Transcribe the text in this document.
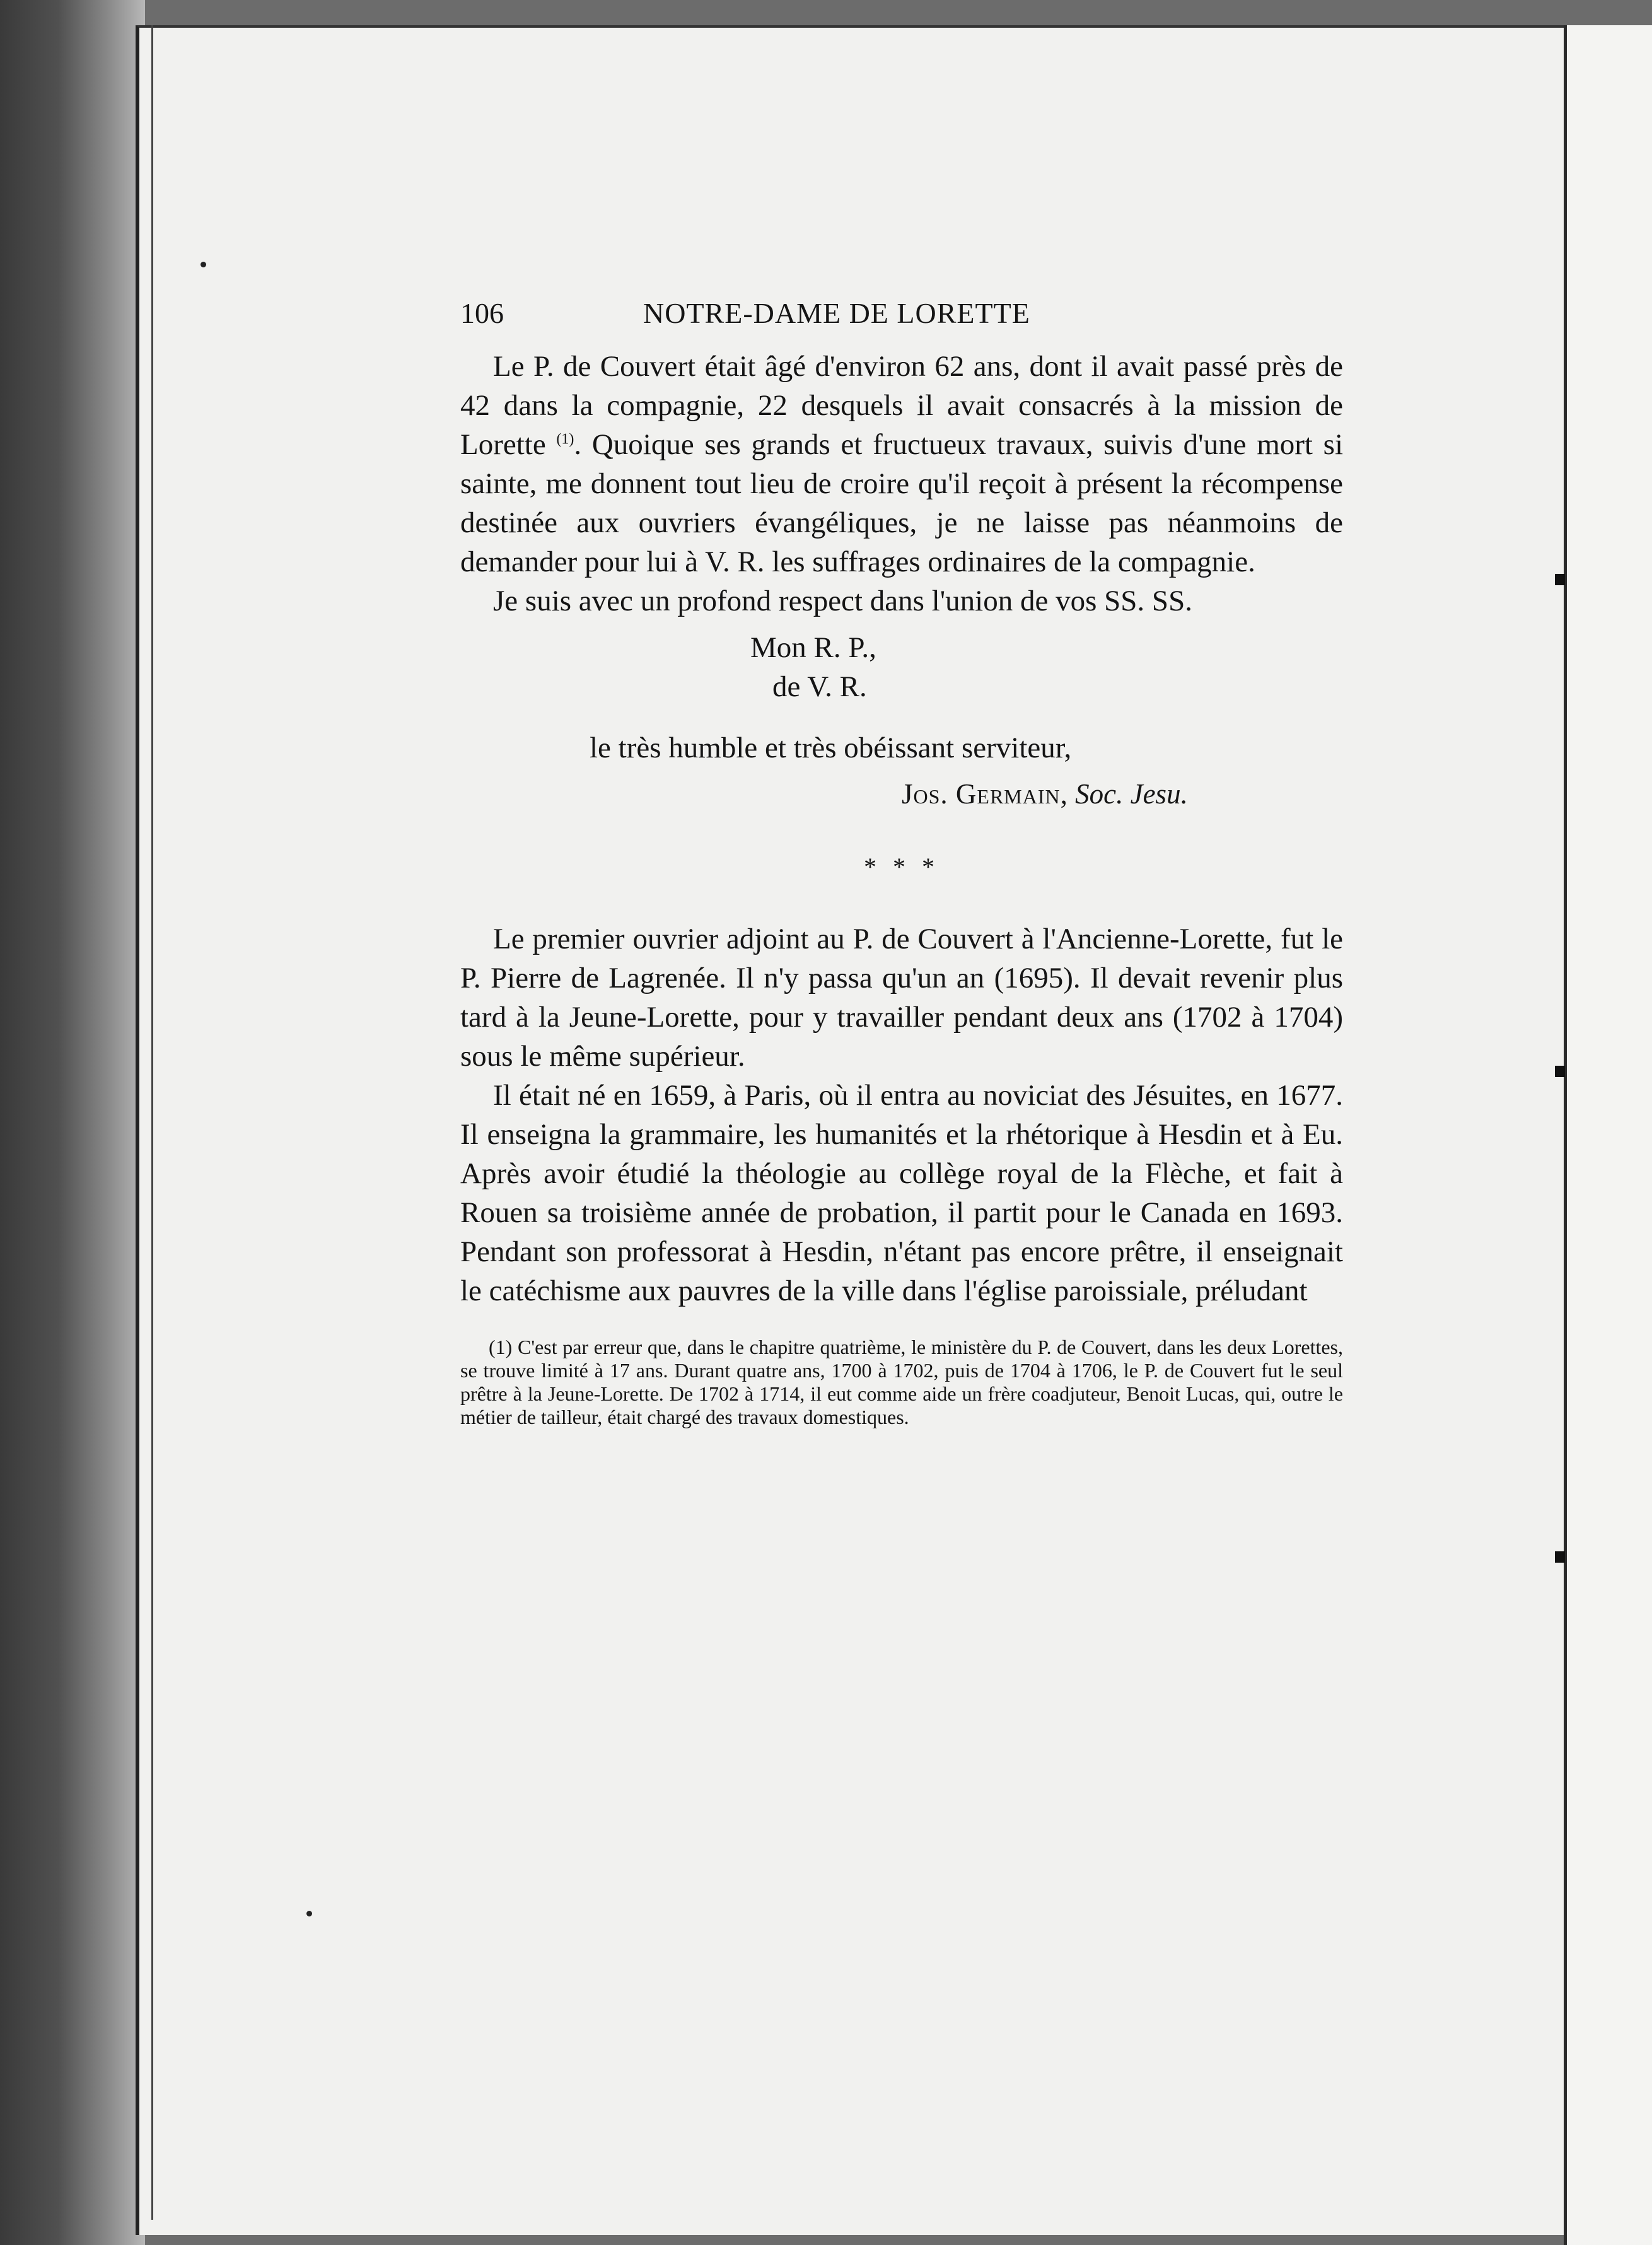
106	NOTRE-DAME DE LORETTE

Le P. de Couvert était âgé d'environ 62 ans, dont il avait passé près de 42 dans la compagnie, 22 desquels il avait consacrés à la mission de Lorette $^{(1)}$. Quoique ses grands et fructueux travaux, suivis d'une mort si sainte, me donnent tout lieu de croire qu'il reçoit à présent la récompense destinée aux ouvriers évangéliques, je ne laisse pas néanmoins de demander pour lui à V. R. les suffrages ordinaires de la compagnie.

Je suis avec un profond respect dans l'union de vos SS. SS.

Mon R. P.,
de V. R.
le très humble et très obéissant serviteur,
Jos. Germain, Soc. Jesu.
* * *

Le premier ouvrier adjoint au P. de Couvert à l'Ancienne-Lorette, fut le P. Pierre de Lagrenée. Il n'y passa qu'un an (1695). Il devait revenir plus tard à la Jeune-Lorette, pour y travailler pendant deux ans (1702 à 1704) sous le même supérieur.

Il était né en 1659, à Paris, où il entra au noviciat des Jésuites, en 1677. Il enseigna la grammaire, les humanités et la rhétorique à Hesdin et à Eu. Après avoir étudié la théologie au collège royal de la Flèche, et fait à Rouen sa troisième année de probation, il partit pour le Canada en 1693. Pendant son professorat à Hesdin, n'étant pas encore prêtre, il enseignait le catéchisme aux pauvres de la ville dans l'église paroissiale, préludant

(1) C'est par erreur que, dans le chapitre quatrième, le ministère du P. de Couvert, dans les deux Lorettes, se trouve limité à 17 ans. Durant quatre ans, 1700 à 1702, puis de 1704 à 1706, le P. de Couvert fut le seul prêtre à la Jeune-Lorette. De 1702 à 1714, il eut comme aide un frère coadjuteur, Benoit Lucas, qui, outre le métier de tailleur, était chargé des travaux domestiques.
